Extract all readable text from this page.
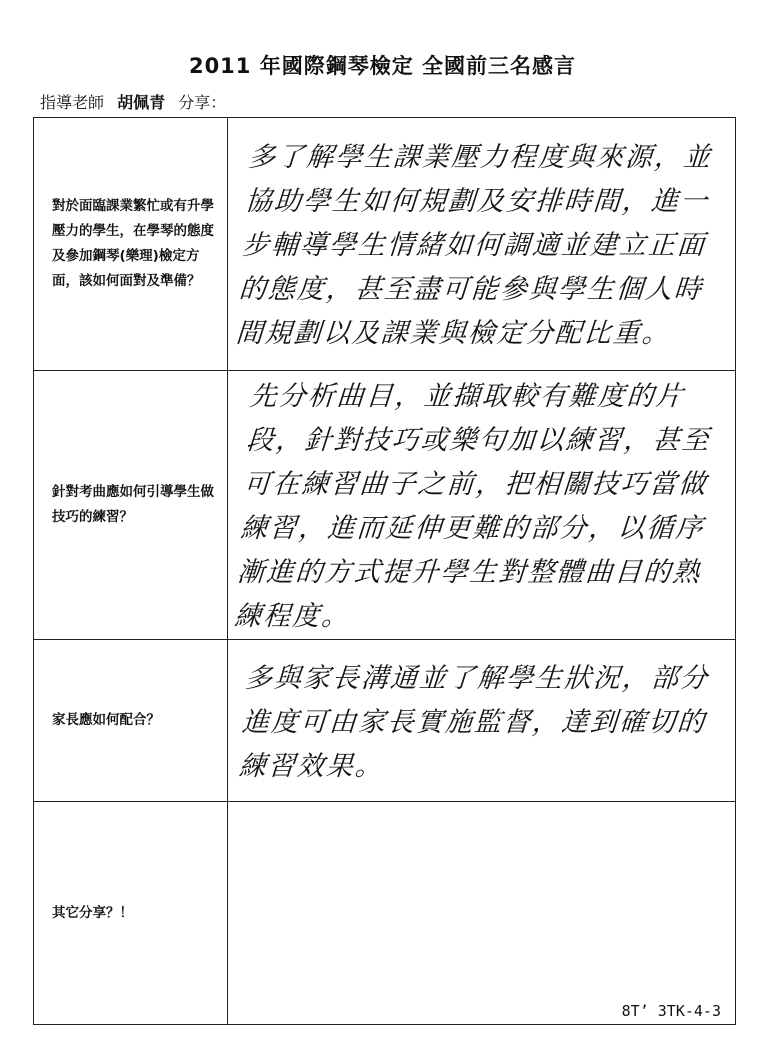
2011 年國際鋼琴檢定 全國前三名感言
指導老師 胡佩青 分享：
對於面臨課業繁忙或有升學壓力的學生，在學琴的態度及參加鋼琴(樂理)檢定方面，該如何面對及準備？	多了解學生課業壓力程度與來源，並協助學生如何規劃及安排時間，進一步輔導學生情緒如何調適並建立正面的態度，甚至盡可能參與學生個人時間規劃以及課業與檢定分配比重。

針對考曲應如何引導學生做技巧的練習？	先分析曲目，並擷取較有難度的片段，針對技巧或樂句加以練習，甚至可在練習曲子之前，把相關技巧當做練習，進而延伸更難的部分，以循序漸進的方式提升學生對整體曲目的熟練程度。

家長應如何配合？	多與家長溝通並了解學生狀況，部分進度可由家長實施監督，達到確切的練習效果。

其它分享？！	
8T’ 3TK-4-3
